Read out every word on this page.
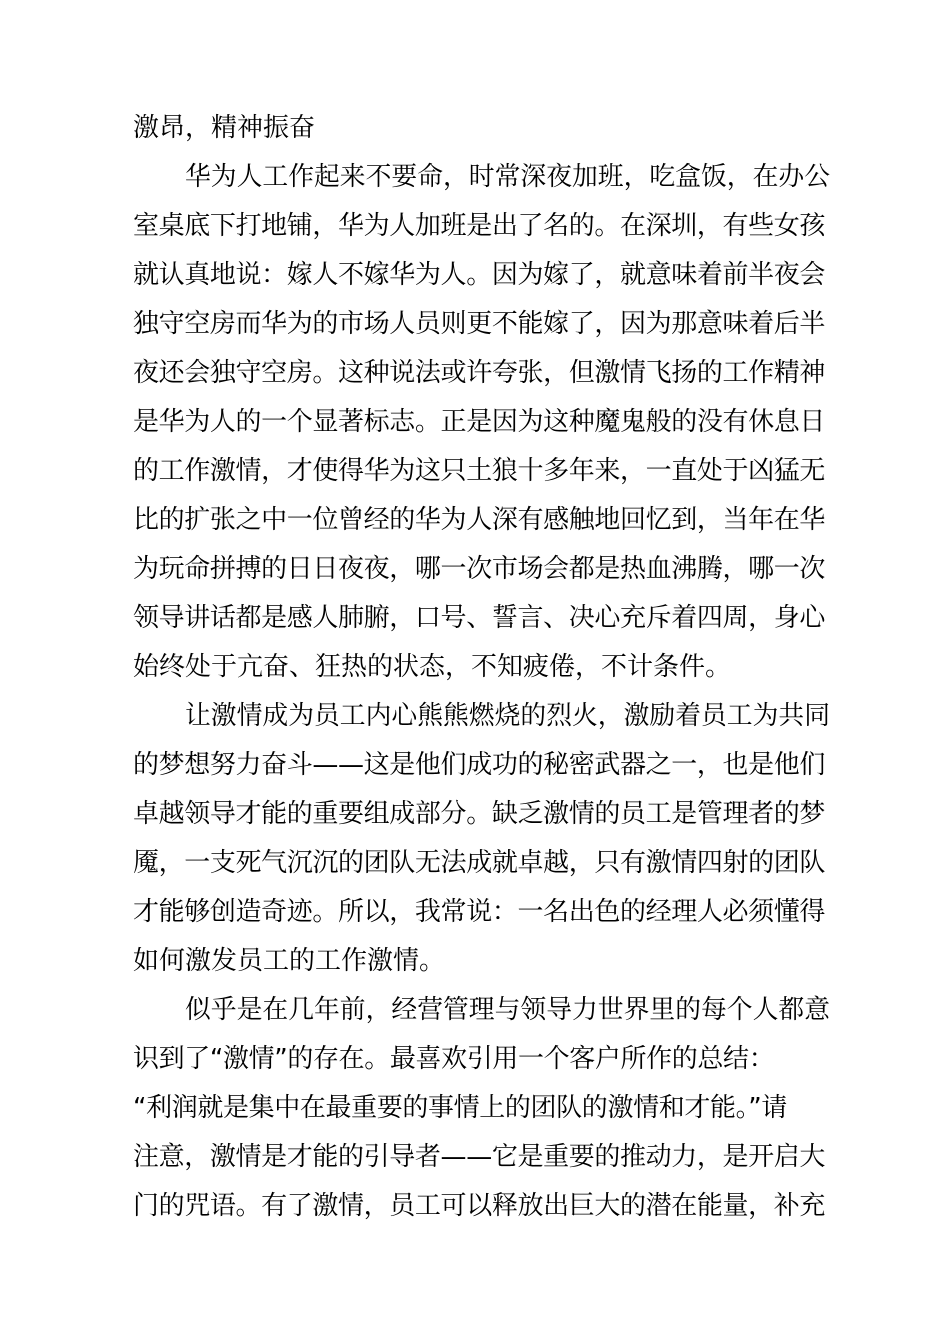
激昂，精神振奋
华为人工作起来不要命，时常深夜加班，吃盒饭，在办公
室桌底下打地铺，华为人加班是出了名的。在深圳，有些女孩
就认真地说：嫁人不嫁华为人。因为嫁了，就意味着前半夜会
独守空房而华为的市场人员则更不能嫁了，因为那意味着后半
夜还会独守空房。这种说法或许夸张，但激情飞扬的工作精神
是华为人的一个显著标志。正是因为这种魔鬼般的没有休息日
的工作激情，才使得华为这只土狼十多年来，一直处于凶猛无
比的扩张之中一位曾经的华为人深有感触地回忆到，当年在华
为玩命拼搏的日日夜夜，哪一次市场会都是热血沸腾，哪一次
领导讲话都是感人肺腑，口号、誓言、决心充斥着四周，身心
始终处于亢奋、狂热的状态，不知疲倦，不计条件。
让激情成为员工内心熊熊燃烧的烈火，激励着员工为共同
的梦想努力奋斗——这是他们成功的秘密武器之一，也是他们
卓越领导才能的重要组成部分。缺乏激情的员工是管理者的梦
魇，一支死气沉沉的团队无法成就卓越，只有激情四射的团队
才能够创造奇迹。所以，我常说：一名出色的经理人必须懂得
如何激发员工的工作激情。
似乎是在几年前，经营管理与领导力世界里的每个人都意
识到了“激情”的存在。最喜欢引用一个客户所作的总结：
“利润就是集中在最重要的事情上的团队的激情和才能。”请
注意，激情是才能的引导者——它是重要的推动力，是开启大
门的咒语。有了激情，员工可以释放出巨大的潜在能量，补充
